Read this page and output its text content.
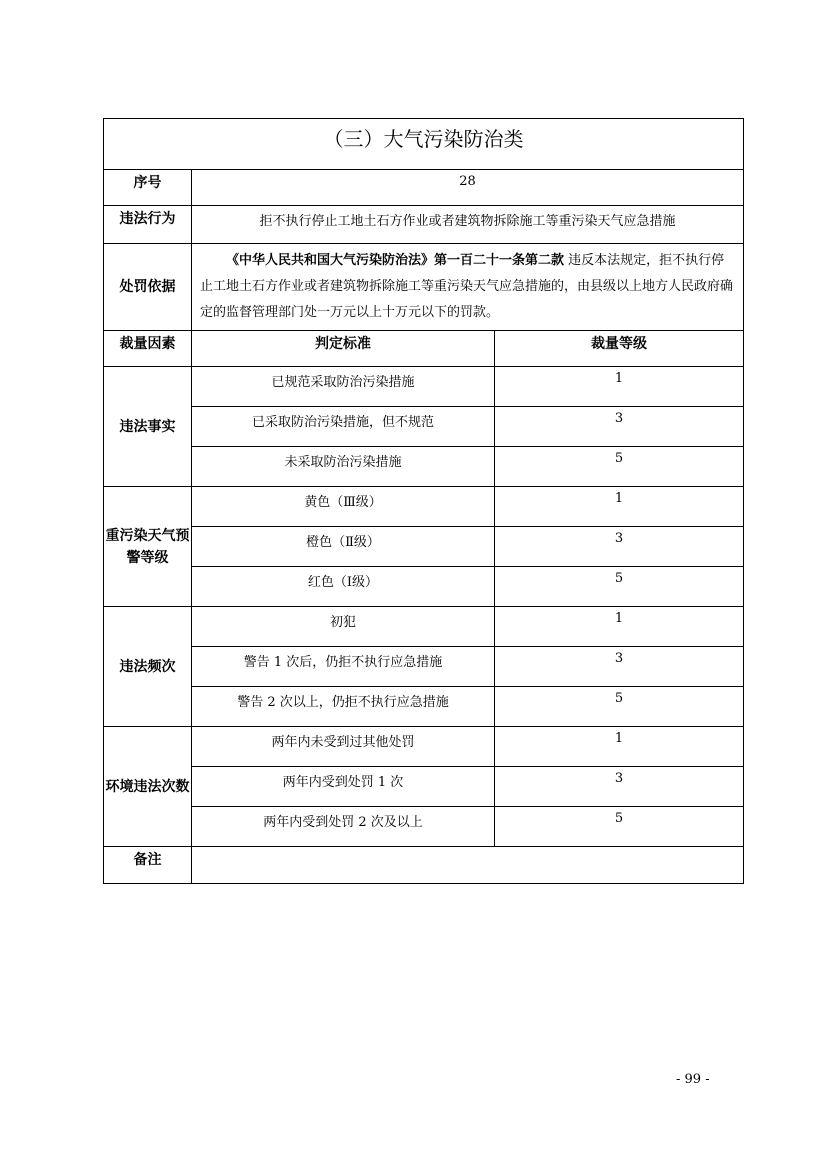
（三）大气污染防治类		
序号	28	
违法行为	拒不执行停止工地土石方作业或者建筑物拆除施工等重污染天气应急措施	
处罚依据	《中华人民共和国大气污染防治法》第一百二十一条第二款 违反本法规定，拒不执行停止工地土石方作业或者建筑物拆除施工等重污染天气应急措施的，由县级以上地方人民政府确定的监督管理部门处一万元以上十万元以下的罚款。	
裁量因素	判定标准	裁量等级
违法事实	已规范采取防治污染措施	1
	已采取防治污染措施，但不规范	3
	未采取防治污染措施	5
重污染天气预警等级	黄色（Ⅲ级）	1
	橙色（Ⅱ级）	3
	红色（Ⅰ级）	5
违法频次	初犯	1
	警告 1 次后，仍拒不执行应急措施	3
	警告 2 次以上，仍拒不执行应急措施	5
环境违法次数	两年内未受到过其他处罚	1
	两年内受到处罚 1 次	3
	两年内受到处罚 2 次及以上	5
备注		
- 99 -
